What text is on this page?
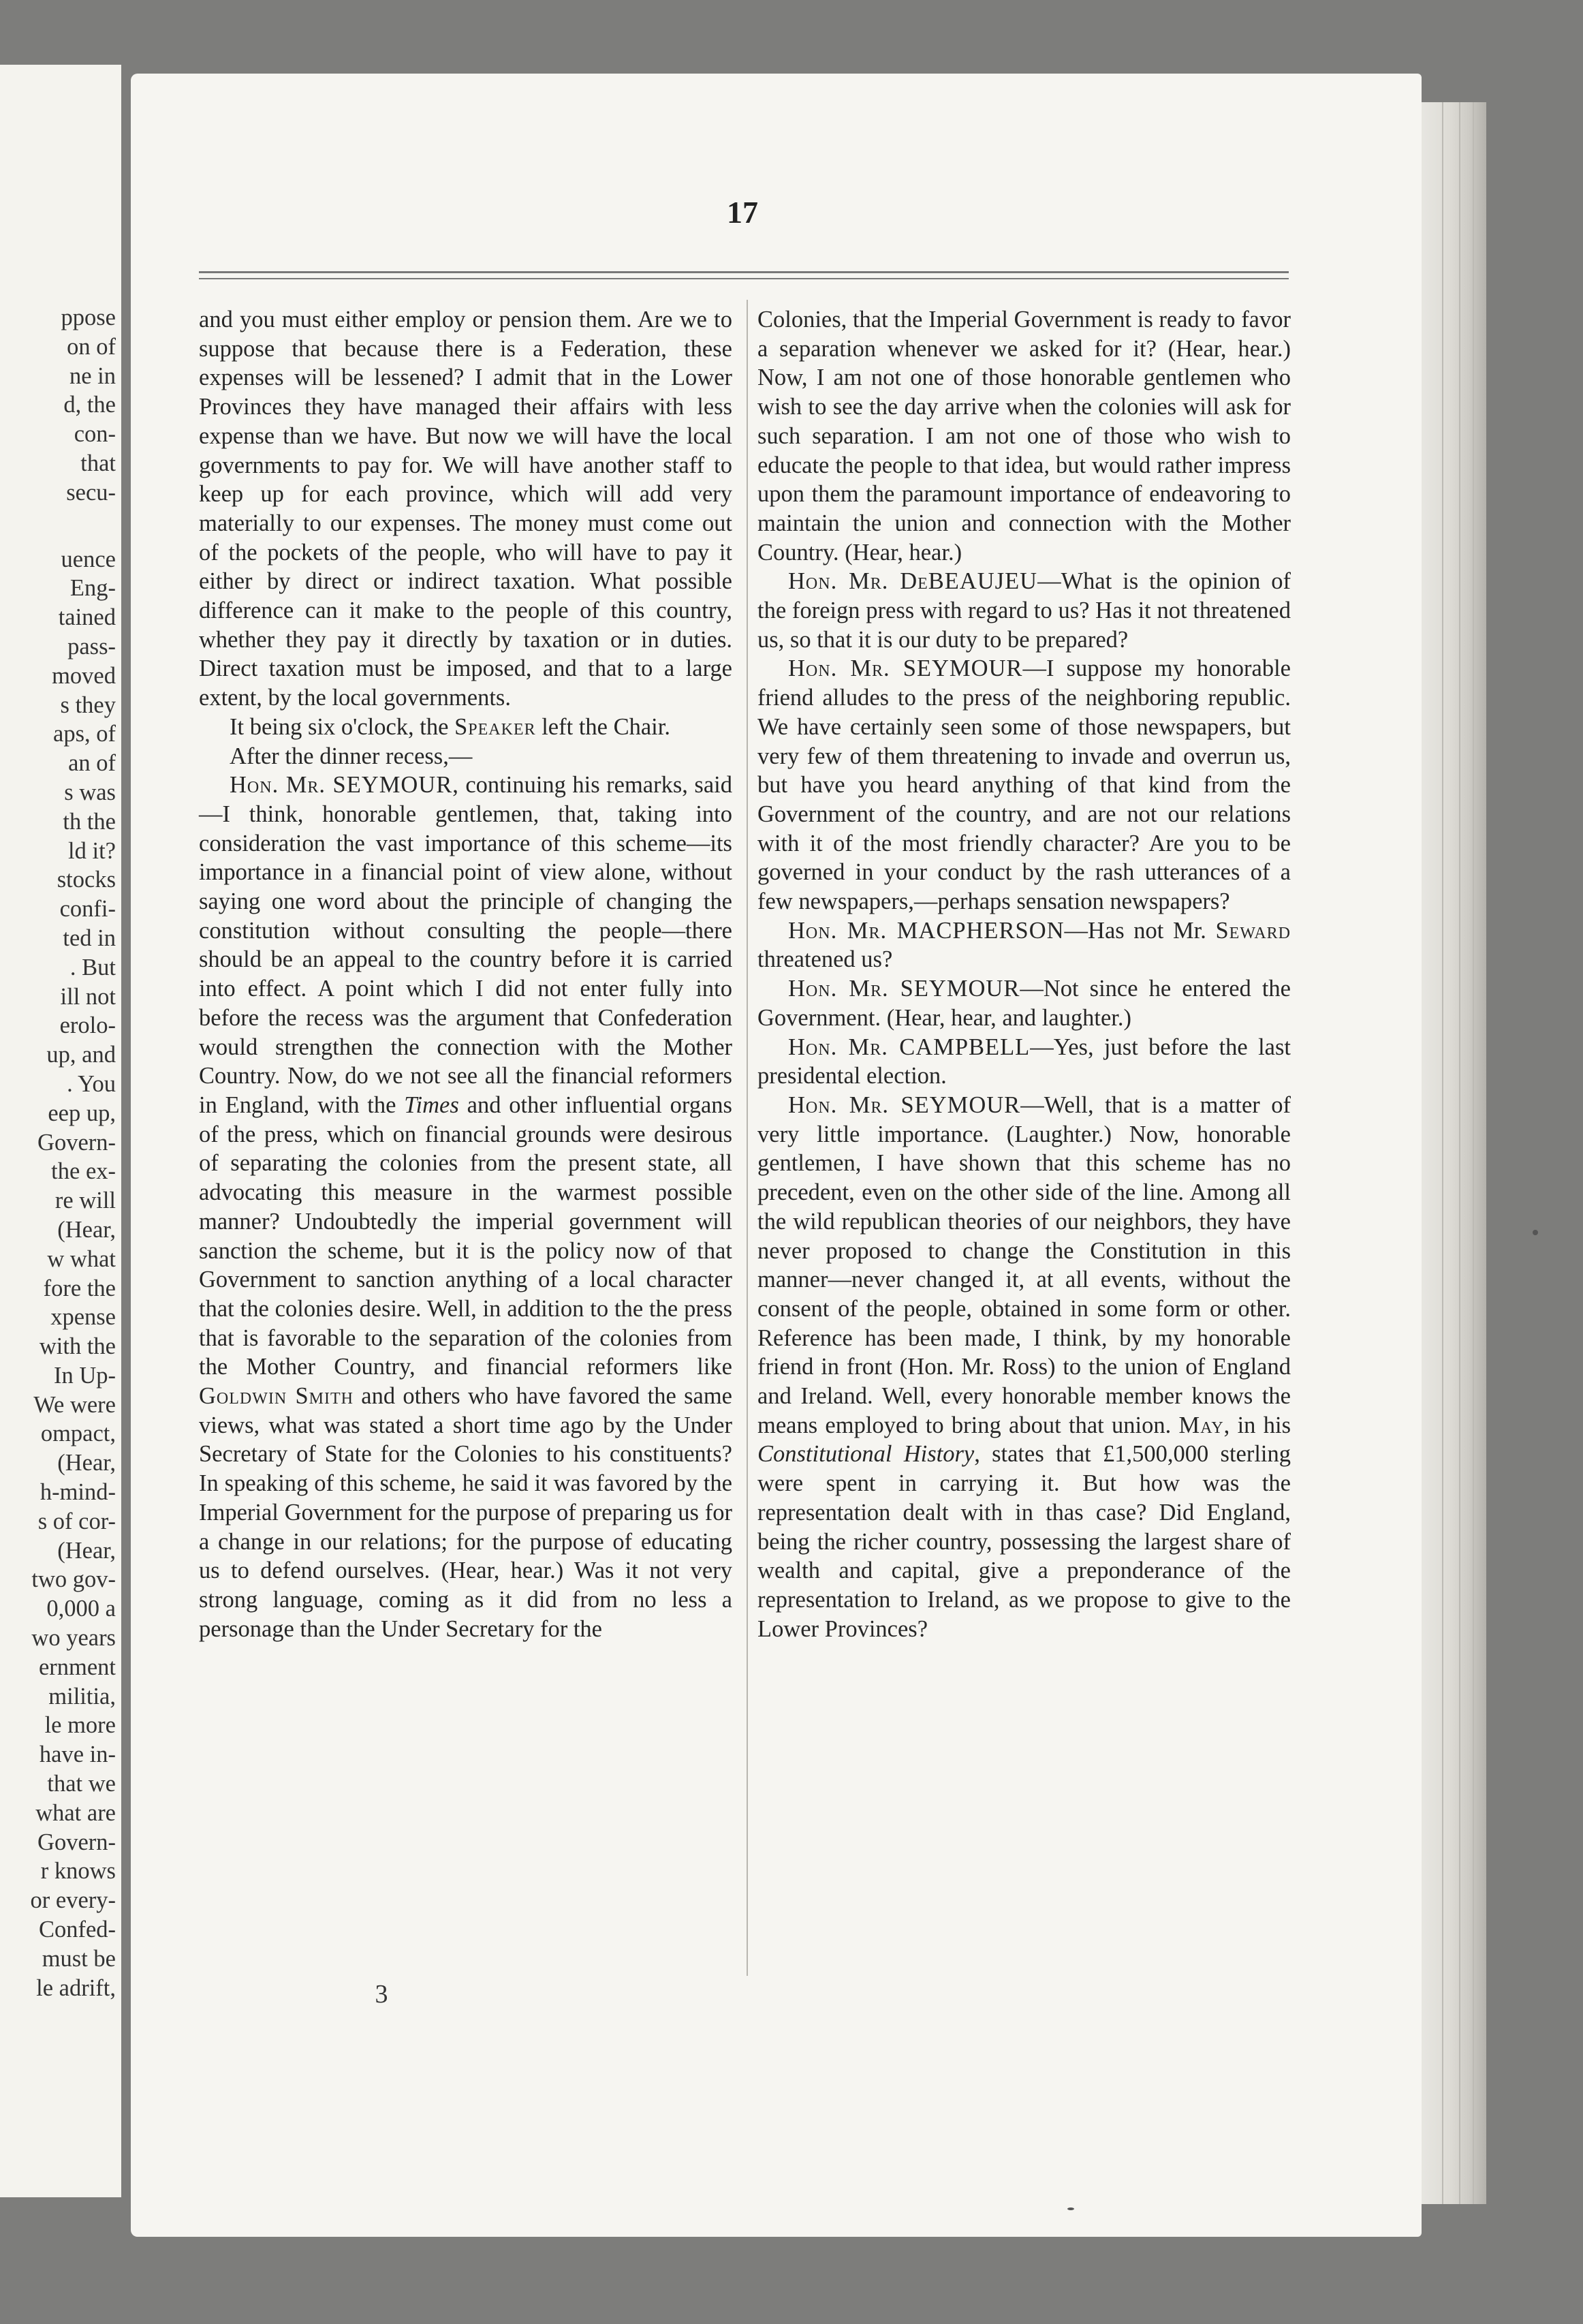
ppose
on of
ne in
d, the
con-
that
secu-
uence
Eng-
tained
pass-
moved
s they
aps, of
an of
s was
th the
ld it?
stocks
confi-
ted in
. But
ill not
erolo-
up, and
. You
eep up,
Govern-
the ex-
re will
(Hear,
w what
fore the
xpense
with the
In Up-
We were
ompact,
(Hear,
h-mind-
s of cor-
(Hear,
two gov-
0,000 a
wo years
ernment
militia,
le more
have in-
that we
what are
Govern-
r knows
or every-
Confed-
must be
le adrift,
17

and you must either employ or pension them. Are we to suppose that because there is a Federation, these expenses will be lessened? I admit that in the Lower Provinces they have managed their affairs with less expense than we have. But now we will have the local governments to pay for. We will have another staff to keep up for each province, which will add very materially to our expenses. The money must come out of the pockets of the people, who will have to pay it either by direct or indirect taxation. What possible difference can it make to the people of this country, whether they pay it directly by taxation or in duties. Direct taxation must be imposed, and that to a large extent, by the local governments.

It being six o'clock, the Speaker left the Chair.

After the dinner recess,—

Hon. Mr. SEYMOUR, continuing his remarks, said—I think, honorable gentlemen, that, taking into consideration the vast importance of this scheme—its importance in a financial point of view alone, without saying one word about the principle of changing the constitution without consulting the people—there should be an appeal to the country before it is carried into effect. A point which I did not enter fully into before the recess was the argument that Confederation would strengthen the connection with the Mother Country. Now, do we not see all the financial reformers in England, with the Times and other influential organs of the press, which on financial grounds were desirous of separating the colonies from the present state, all advocating this measure in the warmest possible manner? Undoubtedly the imperial government will sanction the scheme, but it is the policy now of that Government to sanction anything of a local character that the colonies desire. Well, in addition to the the press that is favorable to the separation of the colonies from the Mother Country, and financial reformers like Goldwin Smith and others who have favored the same views, what was stated a short time ago by the Under Secretary of State for the Colonies to his constituents? In speaking of this scheme, he said it was favored by the Imperial Government for the purpose of preparing us for a change in our relations; for the purpose of educating us to defend ourselves. (Hear, hear.) Was it not very strong language, coming as it did from no less a personage than the Under Secretary for the

Colonies, that the Imperial Government is ready to favor a separation whenever we asked for it? (Hear, hear.) Now, I am not one of those honorable gentlemen who wish to see the day arrive when the colonies will ask for such separation. I am not one of those who wish to educate the people to that idea, but would rather impress upon them the paramount importance of endeavoring to maintain the union and connection with the Mother Country. (Hear, hear.)

Hon. Mr. DeBEAUJEU—What is the opinion of the foreign press with regard to us? Has it not threatened us, so that it is our duty to be prepared?

Hon. Mr. SEYMOUR—I suppose my honorable friend alludes to the press of the neighboring republic. We have certainly seen some of those newspapers, but very few of them threatening to invade and overrun us, but have you heard anything of that kind from the Government of the country, and are not our relations with it of the most friendly character? Are you to be governed in your conduct by the rash utterances of a few newspapers,—perhaps sensation newspapers?

Hon. Mr. MACPHERSON—Has not Mr. Seward threatened us?

Hon. Mr. SEYMOUR—Not since he entered the Government. (Hear, hear, and laughter.)

Hon. Mr. CAMPBELL—Yes, just before the last presidental election.

Hon. Mr. SEYMOUR—Well, that is a matter of very little importance. (Laughter.) Now, honorable gentlemen, I have shown that this scheme has no precedent, even on the other side of the line. Among all the wild republican theories of our neighbors, they have never proposed to change the Constitution in this manner—never changed it, at all events, without the consent of the people, obtained in some form or other. Reference has been made, I think, by my honorable friend in front (Hon. Mr. Ross) to the union of England and Ireland. Well, every honorable member knows the means employed to bring about that union. May, in his Constitutional History, states that £1,500,000 sterling were spent in carrying it. But how was the representation dealt with in thas case? Did England, being the richer country, possessing the largest share of wealth and capital, give a preponderance of the representation to Ireland, as we propose to give to the Lower Provinces?

3
